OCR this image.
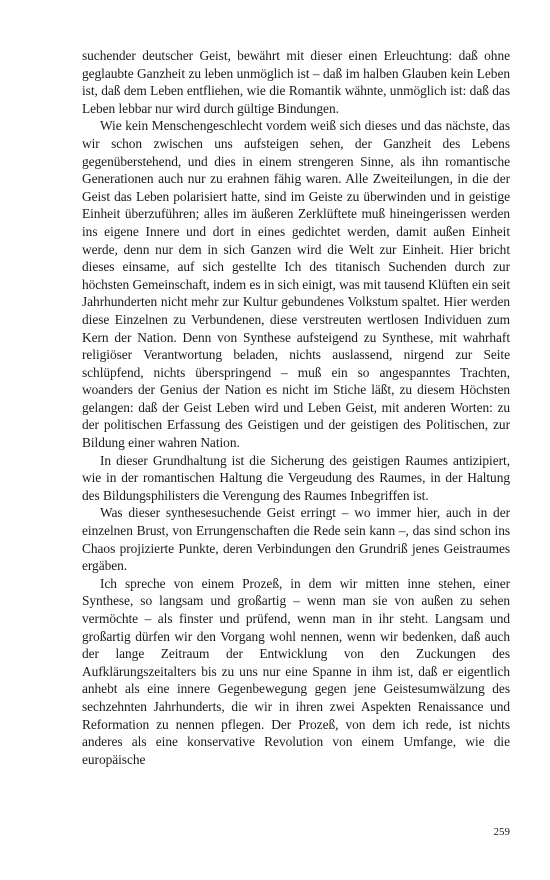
suchender deutscher Geist, bewährt mit dieser einen Erleuchtung: daß ohne geglaubte Ganzheit zu leben unmöglich ist – daß im halben Glauben kein Leben ist, daß dem Leben entfliehen, wie die Romantik wähnte, unmöglich ist: daß das Leben lebbar nur wird durch gültige Bindungen.

Wie kein Menschengeschlecht vordem weiß sich dieses und das nächste, das wir schon zwischen uns aufsteigen sehen, der Ganzheit des Lebens gegenüberstehend, und dies in einem strengeren Sinne, als ihn romantische Generationen auch nur zu erahnen fähig waren. Alle Zweiteilungen, in die der Geist das Leben polarisiert hatte, sind im Geiste zu überwinden und in geistige Einheit überzuführen; alles im äußeren Zerklüftete muß hineingerissen werden ins eigene Innere und dort in eines gedichtet werden, damit außen Einheit werde, denn nur dem in sich Ganzen wird die Welt zur Einheit. Hier bricht dieses einsame, auf sich gestellte Ich des titanisch Suchenden durch zur höchsten Gemeinschaft, indem es in sich einigt, was mit tausend Klüften ein seit Jahrhunderten nicht mehr zur Kultur gebundenes Volkstum spaltet. Hier werden diese Einzelnen zu Verbundenen, diese verstreuten wertlosen Individuen zum Kern der Nation. Denn von Synthese aufsteigend zu Synthese, mit wahrhaft religiöser Verantwortung beladen, nichts auslassend, nirgend zur Seite schlüpfend, nichts überspringend – muß ein so angespanntes Trachten, woanders der Genius der Nation es nicht im Stiche läßt, zu diesem Höchsten gelangen: daß der Geist Leben wird und Leben Geist, mit anderen Worten: zu der politischen Erfassung des Geistigen und der geistigen des Politischen, zur Bildung einer wahren Nation.

In dieser Grundhaltung ist die Sicherung des geistigen Raumes antizipiert, wie in der romantischen Haltung die Vergeudung des Raumes, in der Haltung des Bildungsphilisters die Verengung des Raumes Inbegriffen ist.

Was dieser synthesesuchende Geist erringt – wo immer hier, auch in der einzelnen Brust, von Errungenschaften die Rede sein kann –, das sind schon ins Chaos projizierte Punkte, deren Verbindungen den Grundriß jenes Geistraumes ergäben.

Ich spreche von einem Prozeß, in dem wir mitten inne stehen, einer Synthese, so langsam und großartig – wenn man sie von außen zu sehen vermöchte – als finster und prüfend, wenn man in ihr steht. Langsam und großartig dürfen wir den Vorgang wohl nennen, wenn wir bedenken, daß auch der lange Zeitraum der Entwicklung von den Zuckungen des Aufklärungszeitalters bis zu uns nur eine Spanne in ihm ist, daß er eigentlich anhebt als eine innere Gegenbewegung gegen jene Geistesumwälzung des sechzehnten Jahrhunderts, die wir in ihren zwei Aspekten Renaissance und Reformation zu nennen pflegen. Der Prozeß, von dem ich rede, ist nichts anderes als eine konservative Revolution von einem Umfange, wie die europäische

259
